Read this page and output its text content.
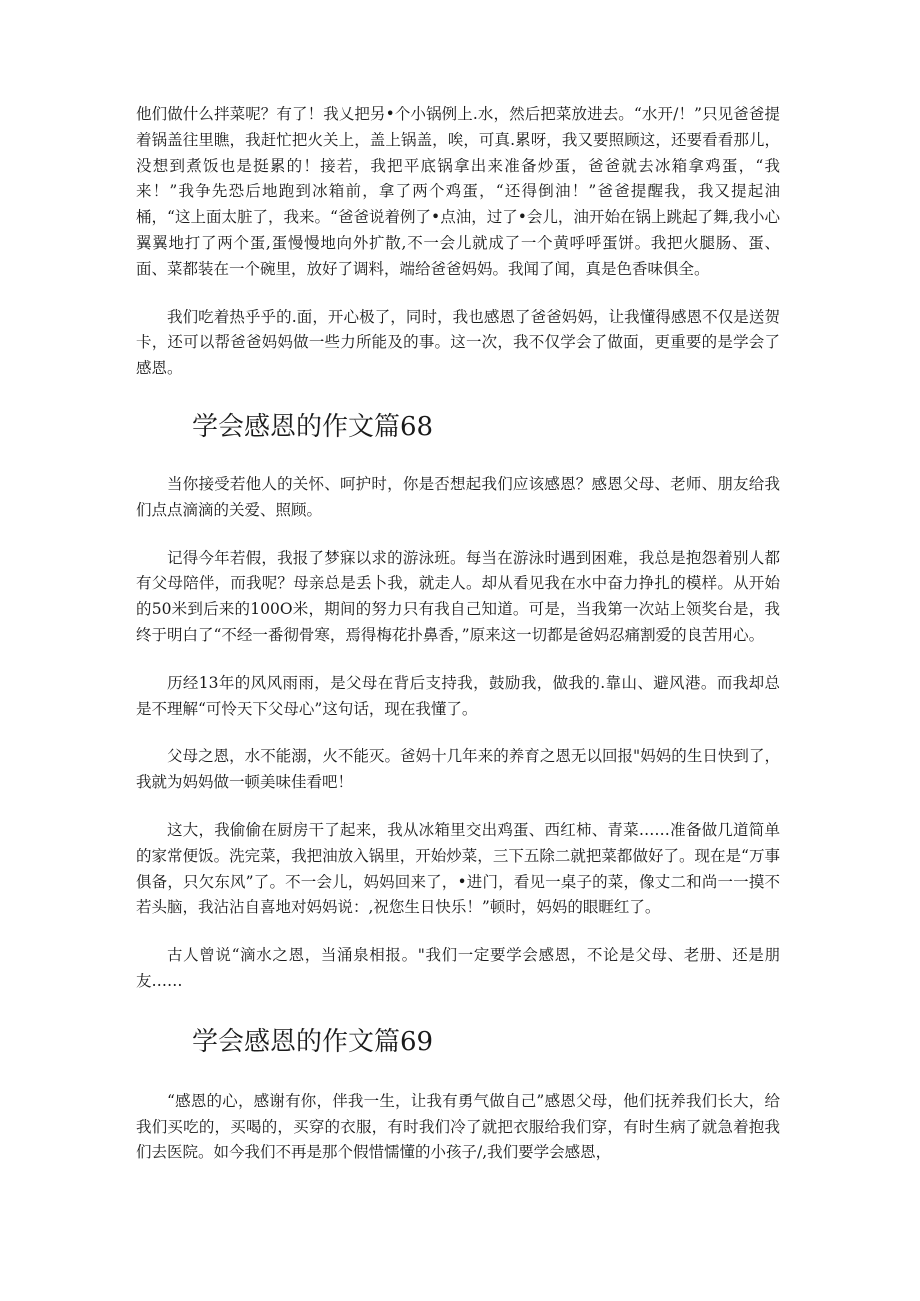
他们做什么拌菜呢？有了！我乂把另•个小锅例上.水，然后把菜放进去。“水开/！”只见爸爸提着锅盖往里瞧，我赶忙把火关上，盖上锅盖，唉，可真.累呀，我又要照顾这，还要看看那儿，没想到煮饭也是挺累的！接若，我把平底锅拿出来准备炒蛋，爸爸就去冰箱拿鸡蛋，“我来！”我争先恐后地跑到冰箱前，拿了两个鸡蛋，“还得倒油！”爸爸提醒我，我又提起油桶，“这上面太脏了，我来。“爸爸说着例了•点油，过了•会儿，油开始在锅上跳起了舞,我小心翼翼地打了两个蛋,蛋慢慢地向外扩散,不一会儿就成了一个黄呼呼蛋饼。我把火腿肠、蛋、面、菜都装在一个碗里，放好了调料，端给爸爸妈妈。我闻了闻，真是色香味俱全。

我们吃着热乎乎的.面，开心极了，同时，我也感恩了爸爸妈妈，让我懂得感恩不仅是送贺卡，还可以帮爸爸妈妈做一些力所能及的事。这一次，我不仅学会了做面，更重要的是学会了感恩。

学会感恩的作文篇68

当你接受若他人的关怀、呵护时，你是否想起我们应该感恩？感恩父母、老师、朋友给我们点点滴滴的关爱、照顾。

记得今年若假，我报了梦寐以求的游泳班。每当在游泳时遇到困难，我总是抱怨着别人都有父母陪伴，而我呢？母亲总是丢卜我，就走人。却从看见我在水中奋力挣扎的模样。从开始的50米到后来的100O米，期间的努力只有我自己知道。可是，当我第一次站上领奖台是，我终于明白了“不经一番彻骨寒，焉得梅花扑鼻香，”原来这一切都是爸妈忍痛割爱的良苦用心。

历经13年的风风雨雨，是父母在背后支持我，鼓励我，做我的.靠山、避风港。而我却总是不理解“可怜天下父母心”这句话，现在我懂了。

父母之恩，水不能溺，火不能灭。爸妈十几年来的养育之恩无以回报"妈妈的生日快到了，我就为妈妈做一顿美味佳看吧！

这大，我偷偷在厨房干了起来，我从冰箱里交出鸡蛋、西红柿、青菜……准备做几道简单的家常便饭。洗完菜，我把油放入锅里，开始炒菜，三下五除二就把菜都做好了。现在是“万事俱备，只欠东风”了。不一会儿，妈妈回来了，•进门，看见一桌子的菜，像丈二和尚一一摸不若头脑，我沾沾自喜地对妈妈说：,祝您生日快乐！”顿时，妈妈的眼睚红了。

古人曾说“滴水之恩，当涌泉相报。"我们一定要学会感恩，不论是父母、老册、还是朋友……

学会感恩的作文篇69

“感恩的心，感谢有你，伴我一生，让我有勇气做自己”感恩父母，他们抚养我们长大，给我们买吃的，买喝的，买穿的衣服，有时我们冷了就把衣服给我们穿，有时生病了就急着抱我们去医院。如今我们不再是那个假惜懦懂的小孩子/,我们要学会感恩，
